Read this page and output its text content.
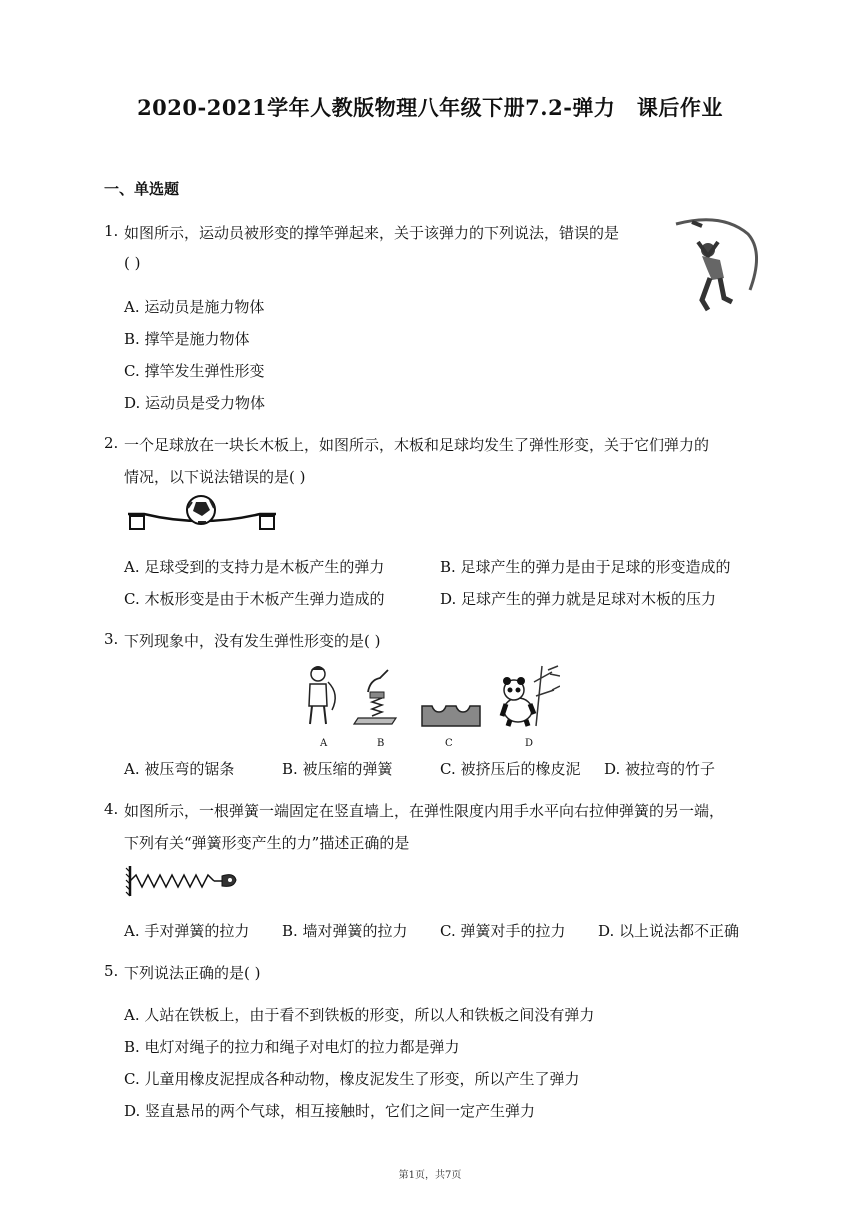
2020-2021学年人教版物理八年级下册7.2-弹力　课后作业
一、单选题
1. 如图所示，运动员被形变的撑竿弹起来，关于该弹力的下列说法，错误的是
( )
A. 运动员是施力物体
B. 撑竿是施力物体
C. 撑竿发生弹性形变
D. 运动员是受力物体
2. 一个足球放在一块长木板上，如图所示，木板和足球均发生了弹性形变，关于它们弹力的
情况，以下说法错误的是( )
A. 足球受到的支持力是木板产生的弹力	B. 足球产生的弹力是由于足球的形变造成的
C. 木板形变是由于木板产生弹力造成的	D. 足球产生的弹力就是足球对木板的压力
3. 下列现象中，没有发生弹性形变的是( )
A	B	C	D
A. 被压弯的锯条	B. 被压缩的弹簧	C. 被挤压后的橡皮泥 D. 被拉弯的竹子
4. 如图所示，一根弹簧一端固定在竖直墙上，在弹性限度内用手水平向右拉伸弹簧的另一端，
下列有关“弹簧形变产生的力”描述正确的是
A. 手对弹簧的拉力 B. 墙对弹簧的拉力 C. 弹簧对手的拉力 D. 以上说法都不正确
5. 下列说法正确的是( )
A. 人站在铁板上，由于看不到铁板的形变，所以人和铁板之间没有弹力
B. 电灯对绳子的拉力和绳子对电灯的拉力都是弹力
C. 儿童用橡皮泥捏成各种动物，橡皮泥发生了形变，所以产生了弹力
D. 竖直悬吊的两个气球，相互接触时，它们之间一定产生弹力
第1页，共7页
